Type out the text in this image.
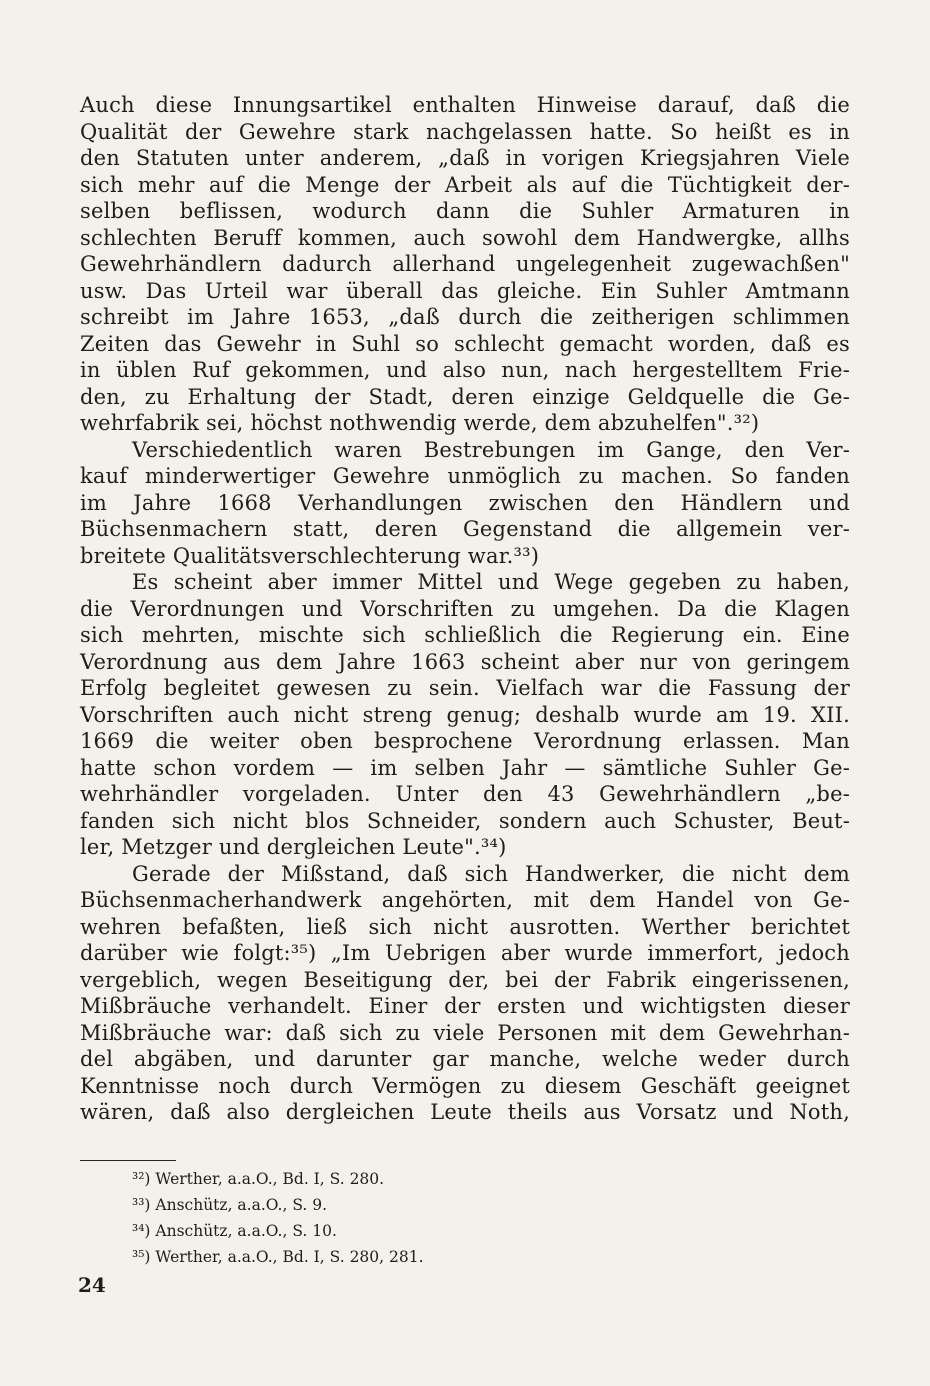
Auch diese Innungsartikel enthalten Hinweise darauf, daß die
Qualität der Gewehre stark nachgelassen hatte. So heißt es in
den Statuten unter anderem, „daß in vorigen Kriegsjahren Viele
sich mehr auf die Menge der Arbeit als auf die Tüchtigkeit der-
selben beflissen, wodurch dann die Suhler Armaturen in
schlechten Beruff kommen, auch sowohl dem Handwergke, allhs
Gewehrhändlern dadurch allerhand ungelegenheit zugewachßen"
usw. Das Urteil war überall das gleiche. Ein Suhler Amtmann
schreibt im Jahre 1653, „daß durch die zeitherigen schlimmen
Zeiten das Gewehr in Suhl so schlecht gemacht worden, daß es
in üblen Ruf gekommen, und also nun, nach hergestelltem Frie-
den, zu Erhaltung der Stadt, deren einzige Geldquelle die Ge-
wehrfabrik sei, höchst nothwendig werde, dem abzuhelfen".³²)
Verschiedentlich waren Bestrebungen im Gange, den Ver-
kauf minderwertiger Gewehre unmöglich zu machen. So fanden
im Jahre 1668 Verhandlungen zwischen den Händlern und
Büchsenmachern statt, deren Gegenstand die allgemein ver-
breitete Qualitätsverschlechterung war.³³)
Es scheint aber immer Mittel und Wege gegeben zu haben,
die Verordnungen und Vorschriften zu umgehen. Da die Klagen
sich mehrten, mischte sich schließlich die Regierung ein. Eine
Verordnung aus dem Jahre 1663 scheint aber nur von geringem
Erfolg begleitet gewesen zu sein. Vielfach war die Fassung der
Vorschriften auch nicht streng genug; deshalb wurde am 19. XII.
1669 die weiter oben besprochene Verordnung erlassen. Man
hatte schon vordem — im selben Jahr — sämtliche Suhler Ge-
wehrhändler vorgeladen. Unter den 43 Gewehrhändlern „be-
fanden sich nicht blos Schneider, sondern auch Schuster, Beut-
ler, Metzger und dergleichen Leute".³⁴)
Gerade der Mißstand, daß sich Handwerker, die nicht dem
Büchsenmacherhandwerk angehörten, mit dem Handel von Ge-
wehren befaßten, ließ sich nicht ausrotten. Werther berichtet
darüber wie folgt:³⁵) „Im Uebrigen aber wurde immerfort, jedoch
vergeblich, wegen Beseitigung der, bei der Fabrik eingerissenen,
Mißbräuche verhandelt. Einer der ersten und wichtigsten dieser
Mißbräuche war: daß sich zu viele Personen mit dem Gewehrhan-
del abgäben, und darunter gar manche, welche weder durch
Kenntnisse noch durch Vermögen zu diesem Geschäft geeignet
wären, daß also dergleichen Leute theils aus Vorsatz und Noth,
³²) Werther, a.a.O., Bd. I, S. 280.
³³) Anschütz, a.a.O., S. 9.
³⁴) Anschütz, a.a.O., S. 10.
³⁵) Werther, a.a.O., Bd. I, S. 280, 281.
24
